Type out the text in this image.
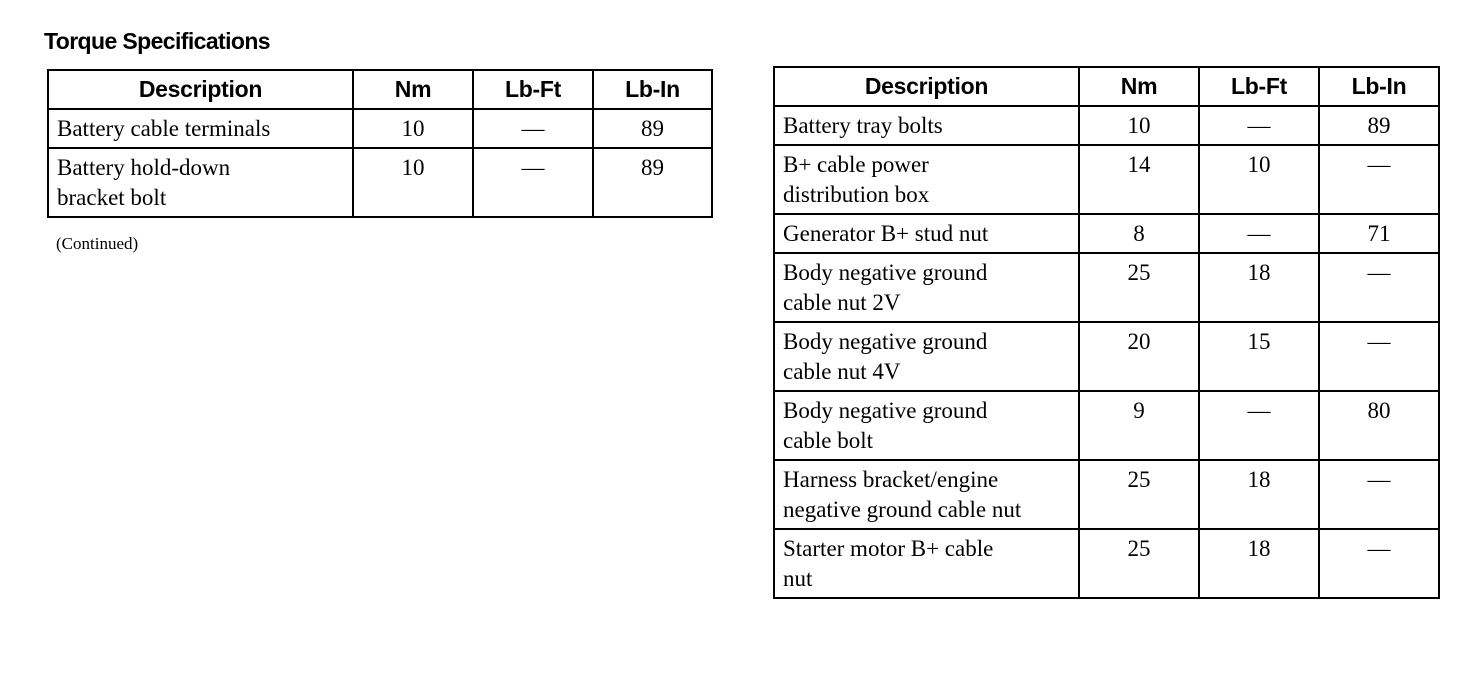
Torque Specifications
Description	Nm	Lb-Ft	Lb-In
Battery cable terminals	10	—	89
Battery hold-down
bracket bolt	10	—	89
(Continued)
Description	Nm	Lb-Ft	Lb-In
Battery tray bolts	10	—	89
B+ cable power
distribution box	14	10	—
Generator B+ stud nut	8	—	71
Body negative ground
cable nut 2V	25	18	—
Body negative ground
cable nut 4V	20	15	—
Body negative ground
cable bolt	9	—	80
Harness bracket/engine
negative ground cable nut	25	18	—
Starter motor B+ cable
nut	25	18	—
